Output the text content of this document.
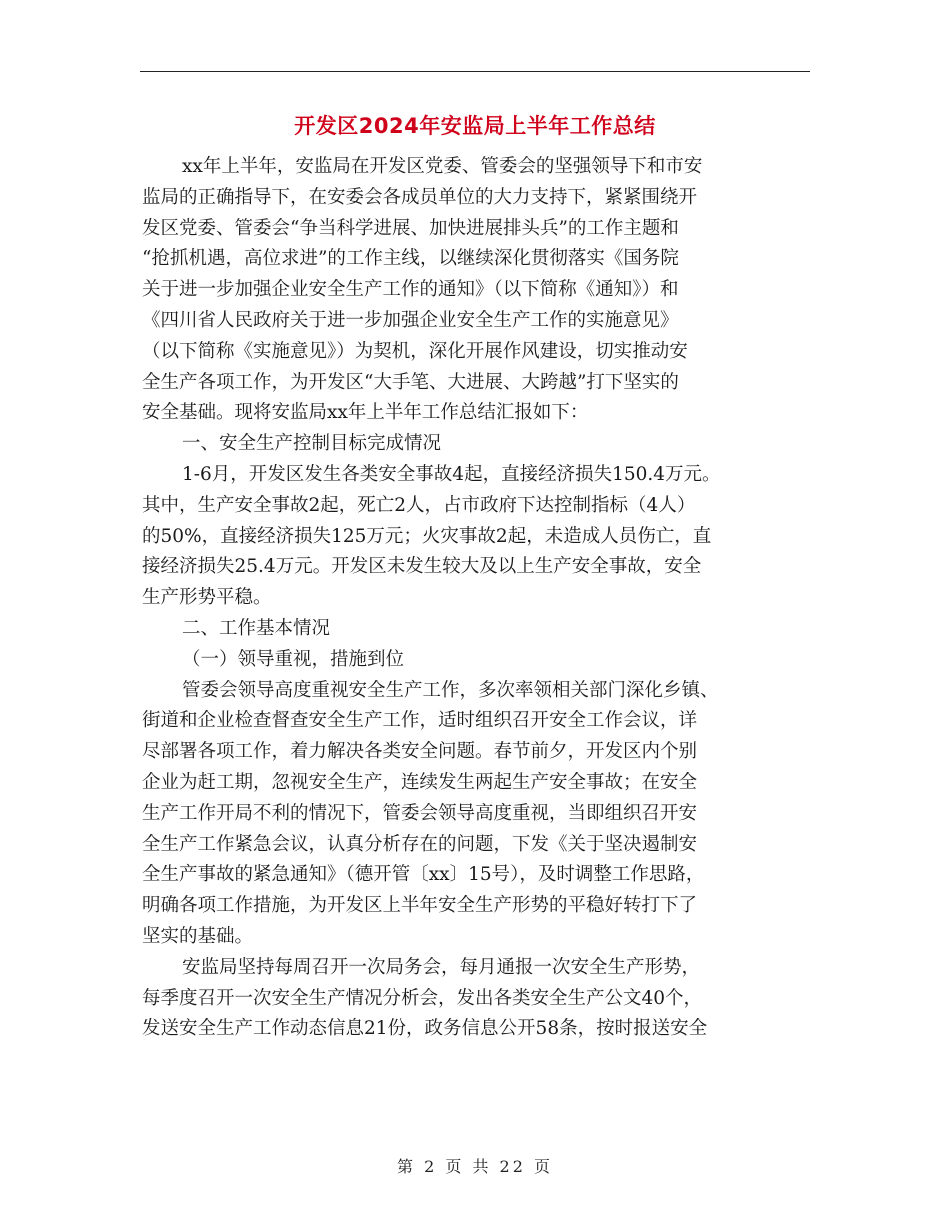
开发区2024年安监局上半年工作总结
xx年上半年，安监局在开发区党委、管委会的坚强领导下和市安
监局的正确指导下，在安委会各成员单位的大力支持下，紧紧围绕开
发区党委、管委会“争当科学进展、加快进展排头兵”的工作主题和
“抢抓机遇，高位求进”的工作主线，以继续深化贯彻落实《国务院
关于进一步加强企业安全生产工作的通知》（以下简称《通知》）和
《四川省人民政府关于进一步加强企业安全生产工作的实施意见》
（以下简称《实施意见》）为契机，深化开展作风建设，切实推动安
全生产各项工作，为开发区“大手笔、大进展、大跨越”打下坚实的
安全基础。现将安监局xx年上半年工作总结汇报如下：
一、安全生产控制目标完成情况
1-6月，开发区发生各类安全事故4起，直接经济损失150.4万元。
其中，生产安全事故2起，死亡2人，占市政府下达控制指标（4人）
的50%，直接经济损失125万元；火灾事故2起，未造成人员伤亡，直
接经济损失25.4万元。开发区未发生较大及以上生产安全事故，安全
生产形势平稳。
二、工作基本情况
（一）领导重视，措施到位
管委会领导高度重视安全生产工作，多次率领相关部门深化乡镇、
街道和企业检查督查安全生产工作，适时组织召开安全工作会议，详
尽部署各项工作，着力解决各类安全问题。春节前夕，开发区内个别
企业为赶工期，忽视安全生产，连续发生两起生产安全事故；在安全
生产工作开局不利的情况下，管委会领导高度重视，当即组织召开安
全生产工作紧急会议，认真分析存在的问题，下发《关于坚决遏制安
全生产事故的紧急通知》（德开管〔xx〕15号），及时调整工作思路，
明确各项工作措施，为开发区上半年安全生产形势的平稳好转打下了
坚实的基础。
安监局坚持每周召开一次局务会，每月通报一次安全生产形势，
每季度召开一次安全生产情况分析会，发出各类安全生产公文40个，
发送安全生产工作动态信息21份，政务信息公开58条，按时报送安全
第 2 页 共 22 页
